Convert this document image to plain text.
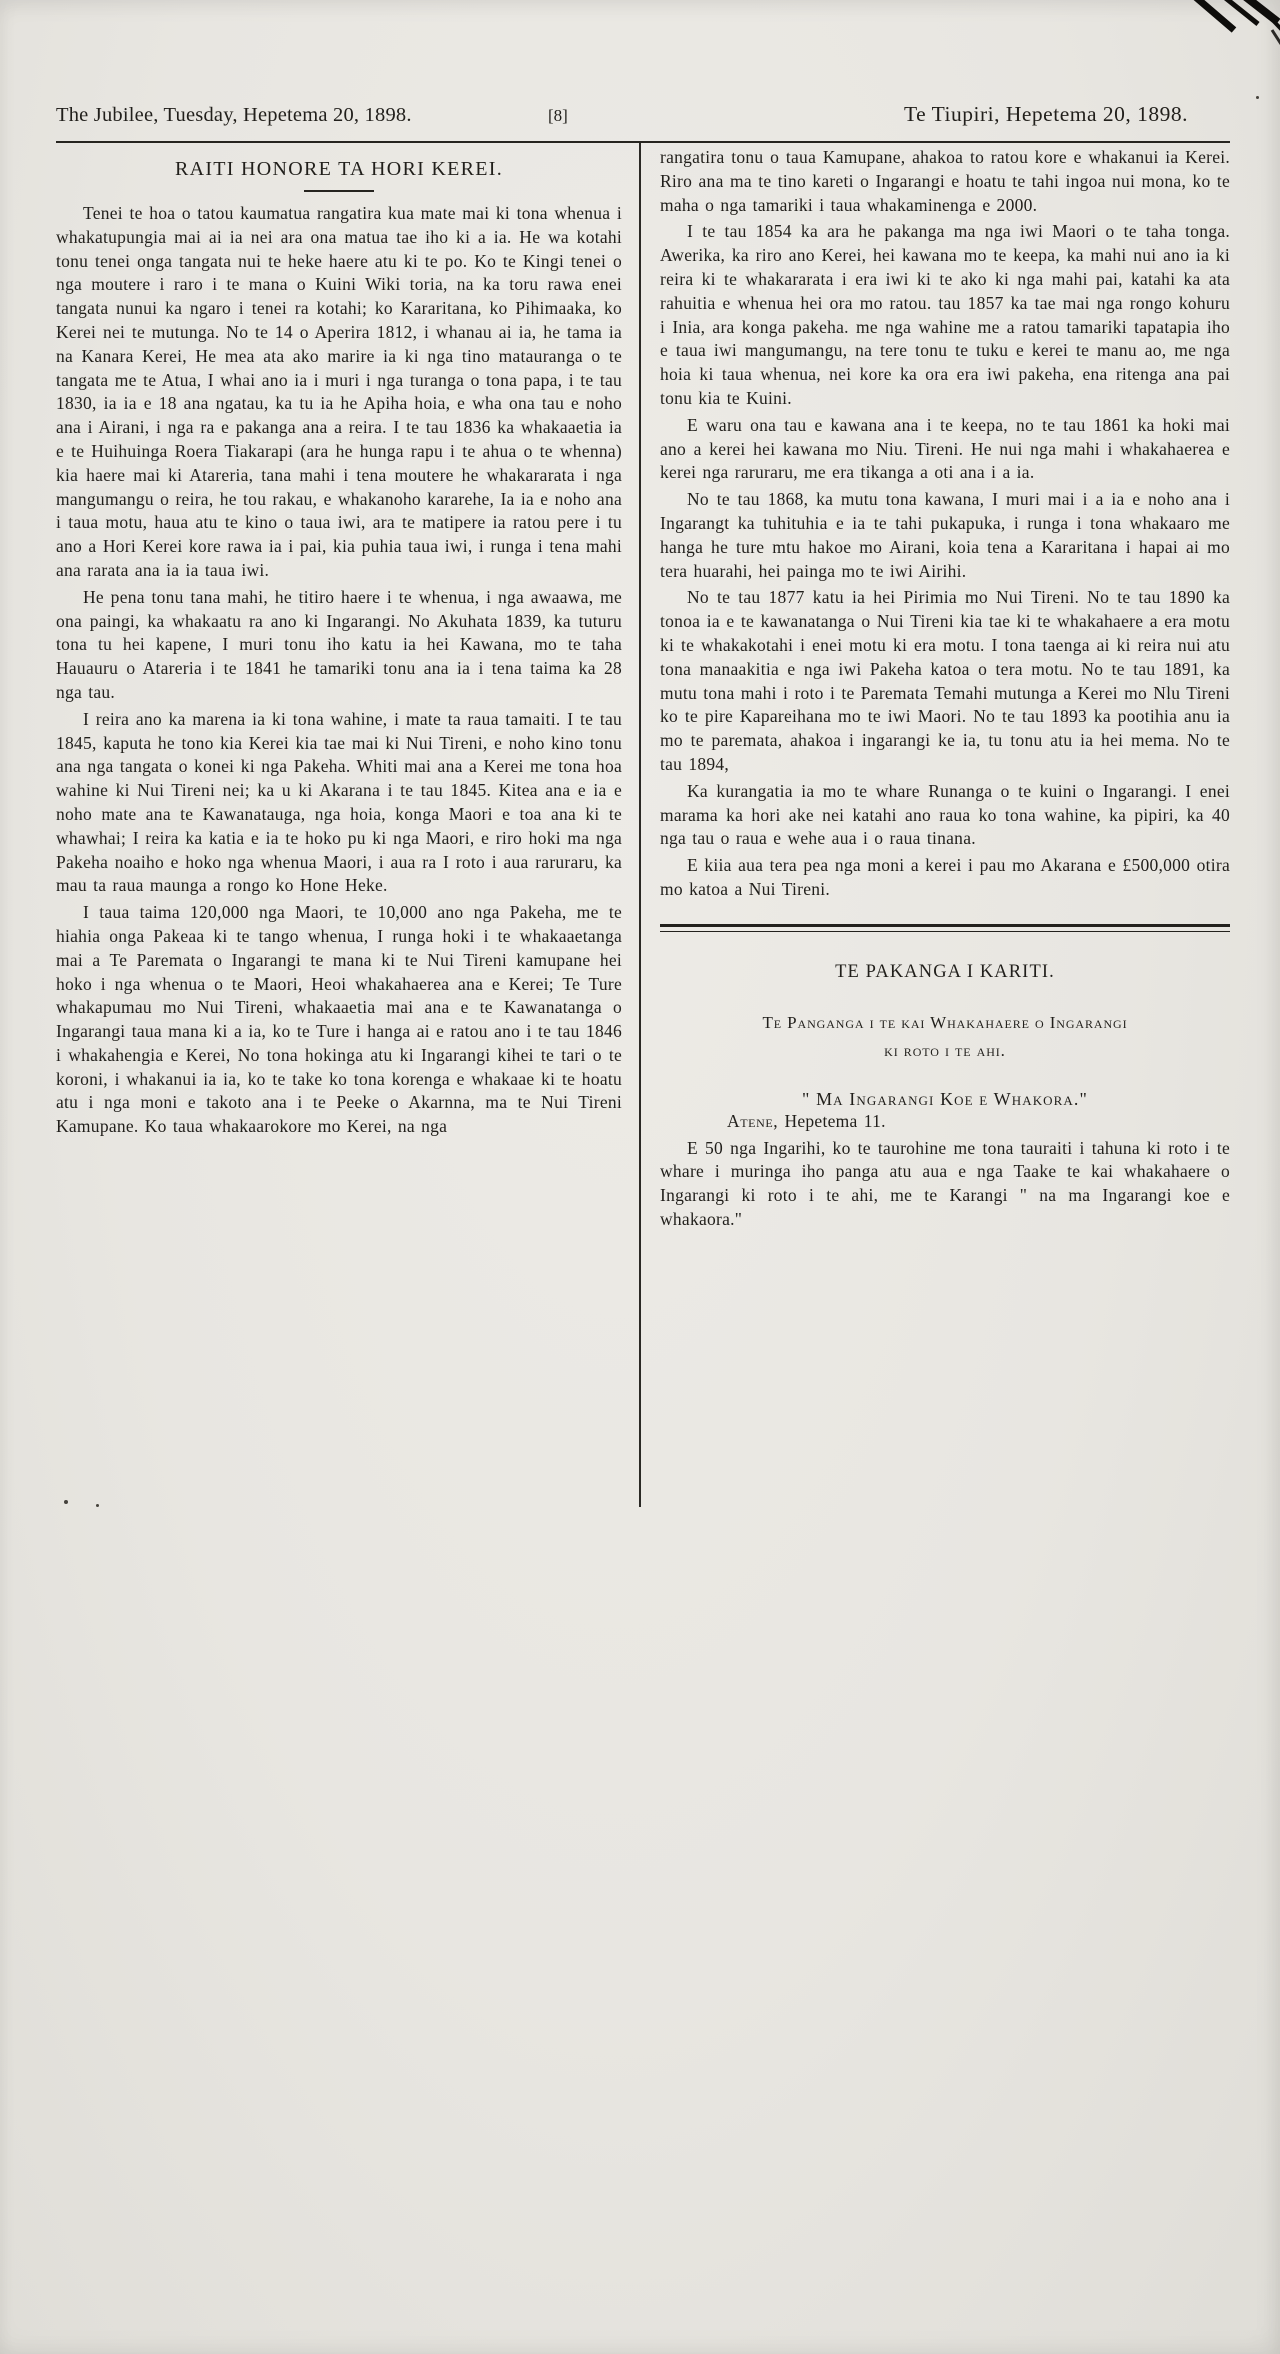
The Jubilee, Tuesday, Hepetema 20, 1898.	[8]	Te Tiupiri, Hepetema 20, 1898.
RAITI HONORE TA HORI KEREI.

Tenei te hoa o tatou kaumatua rangatira kua mate mai ki tona whenua i whakatupungia mai ai ia nei ara ona matua tae iho ki a ia. He wa kotahi tonu tenei onga tangata nui te heke haere atu ki te po. Ko te Kingi tenei o nga moutere i raro i te mana o Kuini Wiki toria, na ka toru rawa enei tangata nunui ka ngaro i tenei ra kotahi; ko Kararitana, ko Pihimaaka, ko Kerei nei te mutunga. No te 14 o Aperira 1812, i whanau ai ia, he tama ia na Kanara Kerei, He mea ata ako marire ia ki nga tino matauranga o te tangata me te Atua, I whai ano ia i muri i nga turanga o tona papa, i te tau 1830, ia ia e 18 ana ngatau, ka tu ia he Apiha hoia, e wha ona tau e noho ana i Airani, i nga ra e pakanga ana a reira. I te tau 1836 ka whakaaetia ia e te Huihuinga Roera Tiakarapi (ara he hunga rapu i te ahua o te whenna) kia haere mai ki Atareria, tana mahi i tena moutere he whakararata i nga mangumangu o reira, he tou rakau, e whakanoho kararehe, Ia ia e noho ana i taua motu, haua atu te kino o taua iwi, ara te matipere ia ratou pere i tu ano a Hori Kerei kore rawa ia i pai, kia puhia taua iwi, i runga i tena mahi ana rarata ana ia ia taua iwi.

He pena tonu tana mahi, he titiro haere i te whenua, i nga awaawa, me ona paingi, ka whakaatu ra ano ki Ingarangi. No Akuhata 1839, ka tuturu tona tu hei kapene, I muri tonu iho katu ia hei Kawana, mo te taha Hauauru o Atareria i te 1841 he tamariki tonu ana ia i tena taima ka 28 nga tau.

I reira ano ka marena ia ki tona wahine, i mate ta raua tamaiti. I te tau 1845, kaputa he tono kia Kerei kia tae mai ki Nui Tireni, e noho kino tonu ana nga tangata o konei ki nga Pakeha. Whiti mai ana a Kerei me tona hoa wahine ki Nui Tireni nei; ka u ki Akarana i te tau 1845. Kitea ana e ia e noho mate ana te Kawanatauga, nga hoia, konga Maori e toa ana ki te whawhai; I reira ka katia e ia te hoko pu ki nga Maori, e riro hoki ma nga Pakeha noaiho e hoko nga whenua Maori, i aua ra I roto i aua raruraru, ka mau ta raua maunga a rongo ko Hone Heke.

I taua taima 120,000 nga Maori, te 10,000 ano nga Pakeha, me te hiahia onga Pakeaa ki te tango whenua, I runga hoki i te whakaaetanga mai a Te Paremata o Ingarangi te mana ki te Nui Tireni kamupane hei hoko i nga whenua o te Maori, Heoi whakahaerea ana e Kerei; Te Ture whakapumau mo Nui Tireni, whakaaetia mai ana e te Kawanatanga o Ingarangi taua mana ki a ia, ko te Ture i hanga ai e ratou ano i te tau 1846 i whakahengia e Kerei, No tona hokinga atu ki Ingarangi kihei te tari o te koroni, i whakanui ia ia, ko te take ko tona korenga e whakaae ki te hoatu atu i nga moni e takoto ana i te Peeke o Akarnna, ma te Nui Tireni Kamupane. Ko taua whakaarokore mo Kerei, na nga

rangatira tonu o taua Kamupane, ahakoa to ratou kore e whakanui ia Kerei. Riro ana ma te tino kareti o Ingarangi e hoatu te tahi ingoa nui mona, ko te maha o nga tamariki i taua whakaminenga e 2000.

I te tau 1854 ka ara he pakanga ma nga iwi Maori o te taha tonga. Awerika, ka riro ano Kerei, hei kawana mo te keepa, ka mahi nui ano ia ki reira ki te whakararata i era iwi ki te ako ki nga mahi pai, katahi ka ata rahuitia e whenua hei ora mo ratou. tau 1857 ka tae mai nga rongo kohuru i Inia, ara konga pakeha. me nga wahine me a ratou tamariki tapatapia iho e taua iwi mangumangu, na tere tonu te tuku e kerei te manu ao, me nga hoia ki taua whenua, nei kore ka ora era iwi pakeha, ena ritenga ana pai tonu kia te Kuini.

E waru ona tau e kawana ana i te keepa, no te tau 1861 ka hoki mai ano a kerei hei kawana mo Niu. Tireni. He nui nga mahi i whakahaerea e kerei nga raruraru, me era tikanga a oti ana i a ia.

No te tau 1868, ka mutu tona kawana, I muri mai i a ia e noho ana i Ingarangt ka tuhituhia e ia te tahi pukapuka, i runga i tona whakaaro me hanga he ture mtu hakoe mo Airani, koia tena a Kararitana i hapai ai mo tera huarahi, hei painga mo te iwi Airihi.

No te tau 1877 katu ia hei Pirimia mo Nui Tireni. No te tau 1890 ka tonoa ia e te kawanatanga o Nui Tireni kia tae ki te whakahaere a era motu ki te whakakotahi i enei motu ki era motu. I tona taenga ai ki reira nui atu tona manaakitia e nga iwi Pakeha katoa o tera motu. No te tau 1891, ka mutu tona mahi i roto i te Paremata Temahi mutunga a Kerei mo Nlu Tireni ko te pire Kapareihana mo te iwi Maori. No te tau 1893 ka pootihia anu ia mo te paremata, ahakoa i ingarangi ke ia, tu tonu atu ia hei mema. No te tau 1894,

Ka kurangatia ia mo te whare Runanga o te kuini o Ingarangi. I enei marama ka hori ake nei katahi ano raua ko tona wahine, ka pipiri, ka 40 nga tau o raua e wehe aua i o raua tinana.

E kiia aua tera pea nga moni a kerei i pau mo Akarana e £500,000 otira mo katoa a Nui Tireni.

TE PAKANGA I KARITI.
Te Panganga i te kai Whakahaere o Ingarangi
ki roto i te ahi.
" Ma Ingarangi Koe e Whakora."

Atene, Hepetema 11.

E 50 nga Ingarihi, ko te taurohine me tona tauraiti i tahuna ki roto i te whare i muringa iho panga atu aua e nga Taake te kai whakahaere o Ingarangi ki roto i te ahi, me te Karangi " na ma Ingarangi koe e whakaora."
